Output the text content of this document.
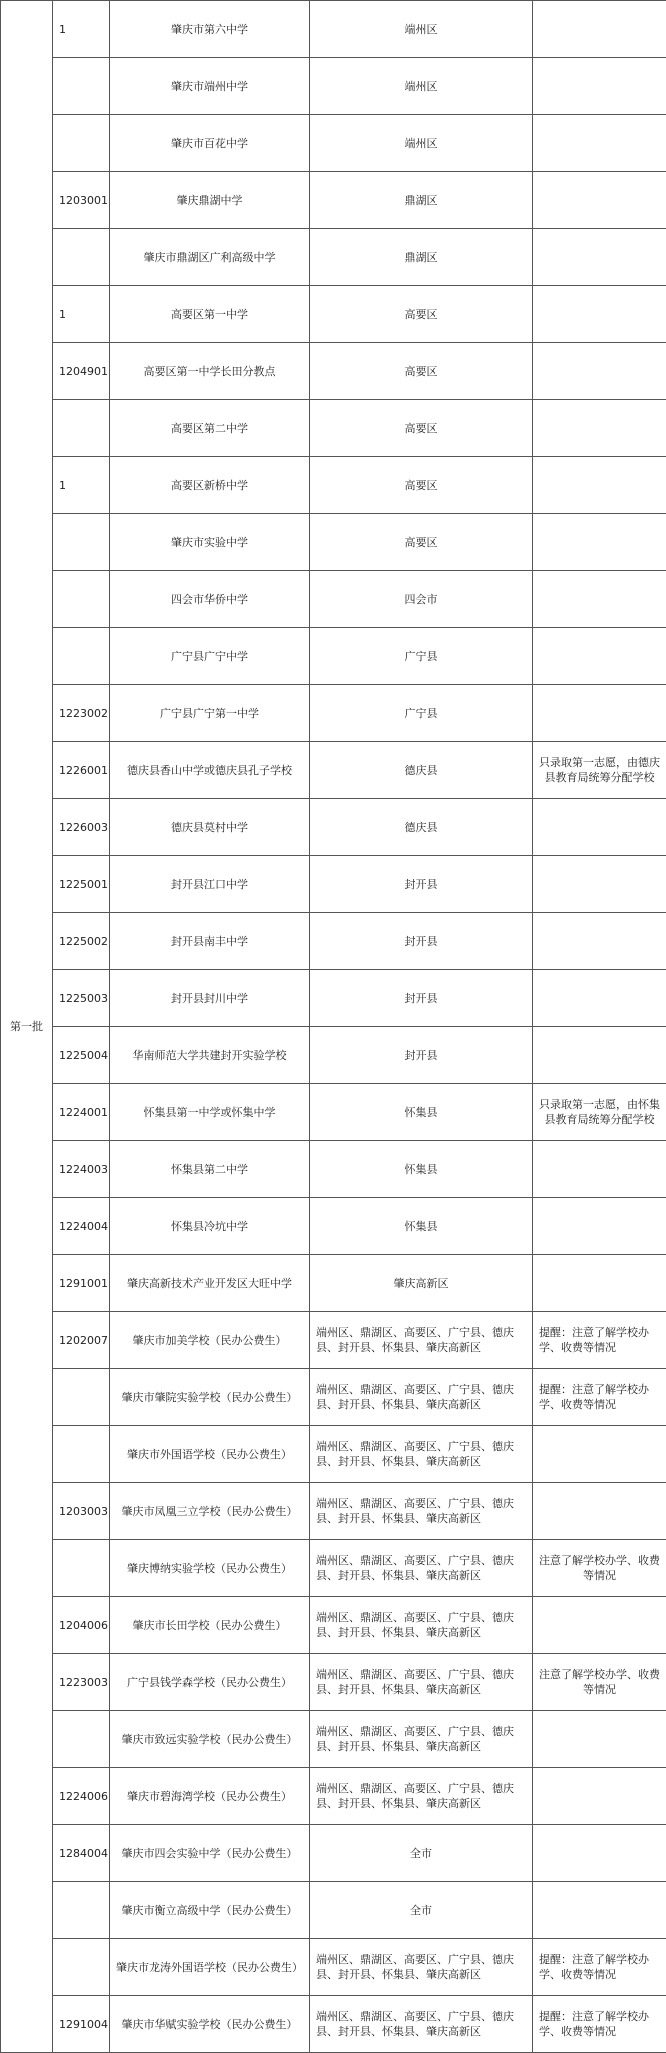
第一批	1	肇庆市第六中学	端州区	
		肇庆市端州中学	端州区	
		肇庆市百花中学	端州区	
	1203001	肇庆鼎湖中学	鼎湖区	
		肇庆市鼎湖区广利高级中学	鼎湖区	
	1	高要区第一中学	高要区	
	1204901	高要区第一中学长田分教点	高要区	
		高要区第二中学	高要区	
	1	高要区新桥中学	高要区	
		肇庆市实验中学	高要区	
		四会市华侨中学	四会市	
		广宁县广宁中学	广宁县	
	1223002	广宁县广宁第一中学	广宁县	
	1226001	德庆县香山中学或德庆县孔子学校	德庆县	只录取第一志愿，由德庆县教育局统筹分配学校
	1226003	德庆县莫村中学	德庆县	
	1225001	封开县江口中学	封开县	
	1225002	封开县南丰中学	封开县	
	1225003	封开县封川中学	封开县	
	1225004	华南师范大学共建封开实验学校	封开县	
	1224001	怀集县第一中学或怀集中学	怀集县	只录取第一志愿，由怀集县教育局统筹分配学校
	1224003	怀集县第二中学	怀集县	
	1224004	怀集县冷坑中学	怀集县	
	1291001	肇庆高新技术产业开发区大旺中学	肇庆高新区	
	1202007	肇庆市加美学校（民办公费生）	端州区、鼎湖区、高要区、广宁县、德庆县、封开县、怀集县、肇庆高新区	提醒：注意了解学校办学、收费等情况
		肇庆市肇院实验学校（民办公费生）	端州区、鼎湖区、高要区、广宁县、德庆县、封开县、怀集县、肇庆高新区	提醒：注意了解学校办学、收费等情况
		肇庆市外国语学校（民办公费生）	端州区、鼎湖区、高要区、广宁县、德庆县、封开县、怀集县、肇庆高新区	
	1203003	肇庆市凤凰三立学校（民办公费生）	端州区、鼎湖区、高要区、广宁县、德庆县、封开县、怀集县、肇庆高新区	
		肇庆博纳实验学校（民办公费生）	端州区、鼎湖区、高要区、广宁县、德庆县、封开县、怀集县、肇庆高新区	注意了解学校办学、收费等情况
	1204006	肇庆市长田学校（民办公费生）	端州区、鼎湖区、高要区、广宁县、德庆县、封开县、怀集县、肇庆高新区	
	1223003	广宁县钱学森学校（民办公费生）	端州区、鼎湖区、高要区、广宁县、德庆县、封开县、怀集县、肇庆高新区	注意了解学校办学、收费等情况
		肇庆市致远实验学校（民办公费生）	端州区、鼎湖区、高要区、广宁县、德庆县、封开县、怀集县、肇庆高新区	
	1224006	肇庆市碧海湾学校（民办公费生）	端州区、鼎湖区、高要区、广宁县、德庆县、封开县、怀集县、肇庆高新区	
	1284004	肇庆市四会实验中学（民办公费生）	全市	
		肇庆市衡立高级中学（民办公费生）	全市	
		肇庆市龙涛外国语学校（民办公费生）	端州区、鼎湖区、高要区、广宁县、德庆县、封开县、怀集县、肇庆高新区	提醒：注意了解学校办学、收费等情况
	1291004	肇庆市华赋实验学校（民办公费生）	端州区、鼎湖区、高要区、广宁县、德庆县、封开县、怀集县、肇庆高新区	提醒：注意了解学校办学、收费等情况
